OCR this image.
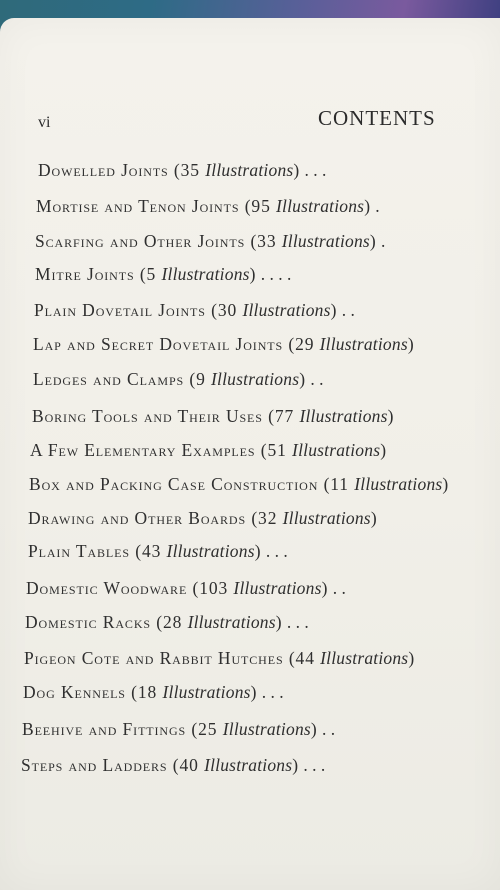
vi	CONTENTS
Dowelled Joints (35 Illustrations) . . .
Mortise and Tenon Joints (95 Illustrations) .
Scarfing and Other Joints (33 Illustrations) .
Mitre Joints (5 Illustrations) . . . .
Plain Dovetail Joints (30 Illustrations) . .
Lap and Secret Dovetail Joints (29 Illustrations)
Ledges and Clamps (9 Illustrations) . .
Boring Tools and Their Uses (77 Illustrations)
A Few Elementary Examples (51 Illustrations)
Box and Packing Case Construction (11 Illustrations)
Drawing and Other Boards (32 Illustrations)
Plain Tables (43 Illustrations) . . .
Domestic Woodware (103 Illustrations) . .
Domestic Racks (28 Illustrations) . . .
Pigeon Cote and Rabbit Hutches (44 Illustrations)
Dog Kennels (18 Illustrations) . . .
Beehive and Fittings (25 Illustrations) . .
Steps and Ladders (40 Illustrations) . . .
